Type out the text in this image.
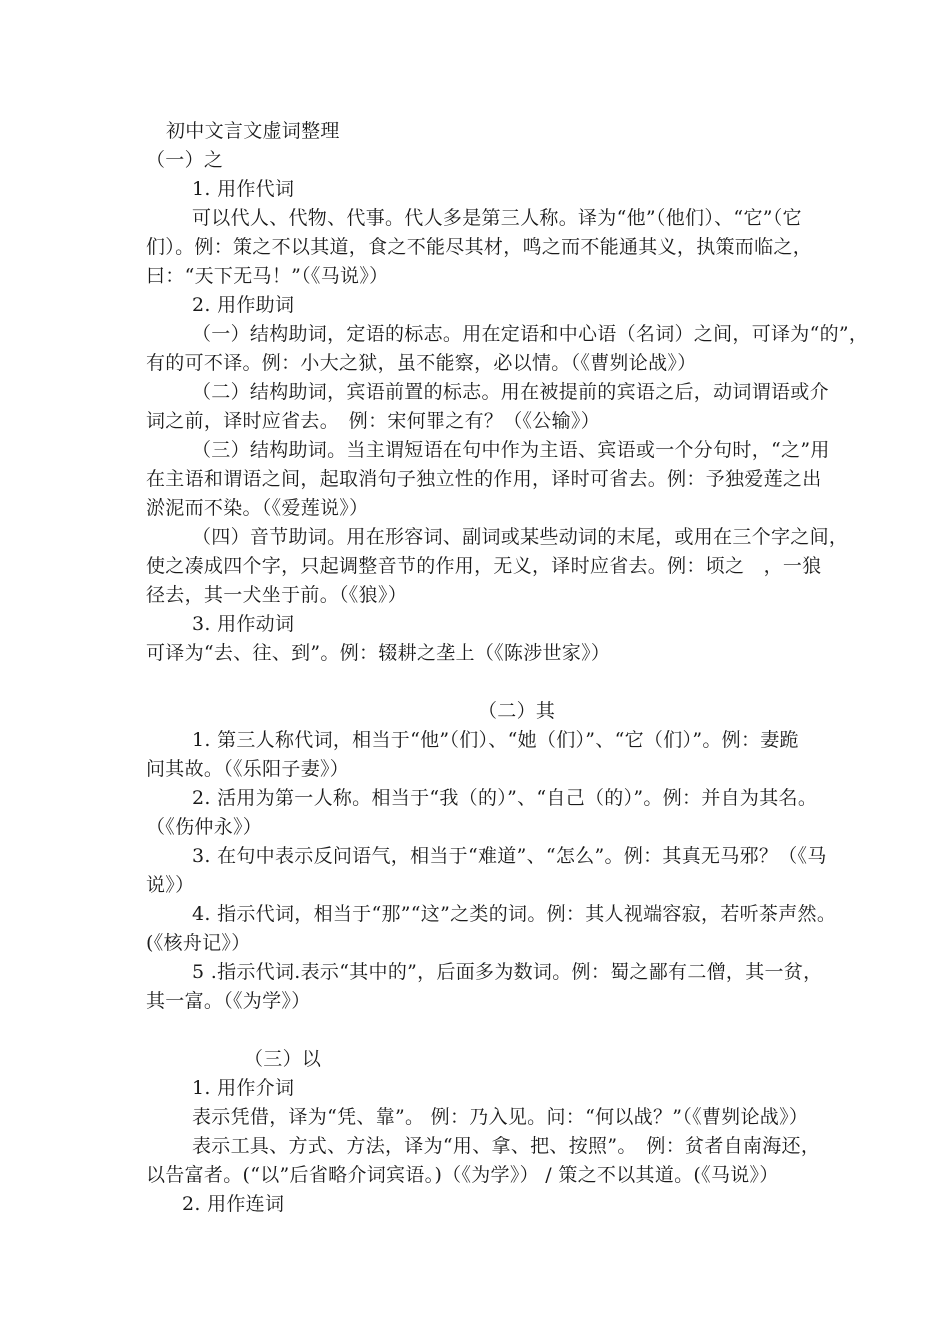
初中文言文虚词整理
（一）之
1. 用作代词
可以代人、代物、代事。代人多是第三人称。译为“他”（他们）、“它”（它
们）。例：策之不以其道，食之不能尽其材，鸣之而不能通其义，执策而临之，
曰：“天下无马！”（《马说》）
2. 用作助词
（一）结构助词，定语的标志。用在定语和中心语（名词）之间，可译为“的”，
有的可不译。例：小大之狱，虽不能察，必以情。（《曹刿论战》）
（二）结构助词，宾语前置的标志。用在被提前的宾语之后，动词谓语或介
词之前，译时应省去。　例：宋何罪之有？（《公输》）
（三）结构助词。当主谓短语在句中作为主语、宾语或一个分句时，“之”用
在主语和谓语之间，起取消句子独立性的作用，译时可省去。例：予独爱莲之出
淤泥而不染。（《爱莲说》）
（四）音节助词。用在形容词、副词或某些动词的末尾，或用在三个字之间，
使之凑成四个字，只起调整音节的作用，无义，译时应省去。例：顷之　，一狼
径去，其一犬坐于前。（《狼》）
3. 用作动词
可译为“去、往、到”。例：辍耕之垄上（《陈涉世家》）
（二）其
1. 第三人称代词，相当于“他”（们）、“她（们）”、“它（们）”。例：妻跪
问其故。（《乐阳子妻》）
2. 活用为第一人称。相当于“我（的）”、“自己（的）”。例：并自为其名。
（《伤仲永》）
3. 在句中表示反问语气，相当于“难道”、“怎么”。例：其真无马邪？（《马
说》）
4. 指示代词，相当于“那”“这”之类的词。例：其人视端容寂，若听茶声然。
(《核舟记》）
5 .指示代词.表示“其中的”，后面多为数词。例：蜀之鄙有二僧，其一贫，
其一富。（《为学》）
（三）以
1. 用作介词
表示凭借，译为“凭、靠”。 例：乃入见。问：“何以战？”（《曹刿论战》）
表示工具、方式、方法，译为“用、拿、把、按照”。　例：贫者自南海还，
以告富者。(“以”后省略介词宾语。)（《为学》） / 策之不以其道。(《马说》）
2. 用作连词
